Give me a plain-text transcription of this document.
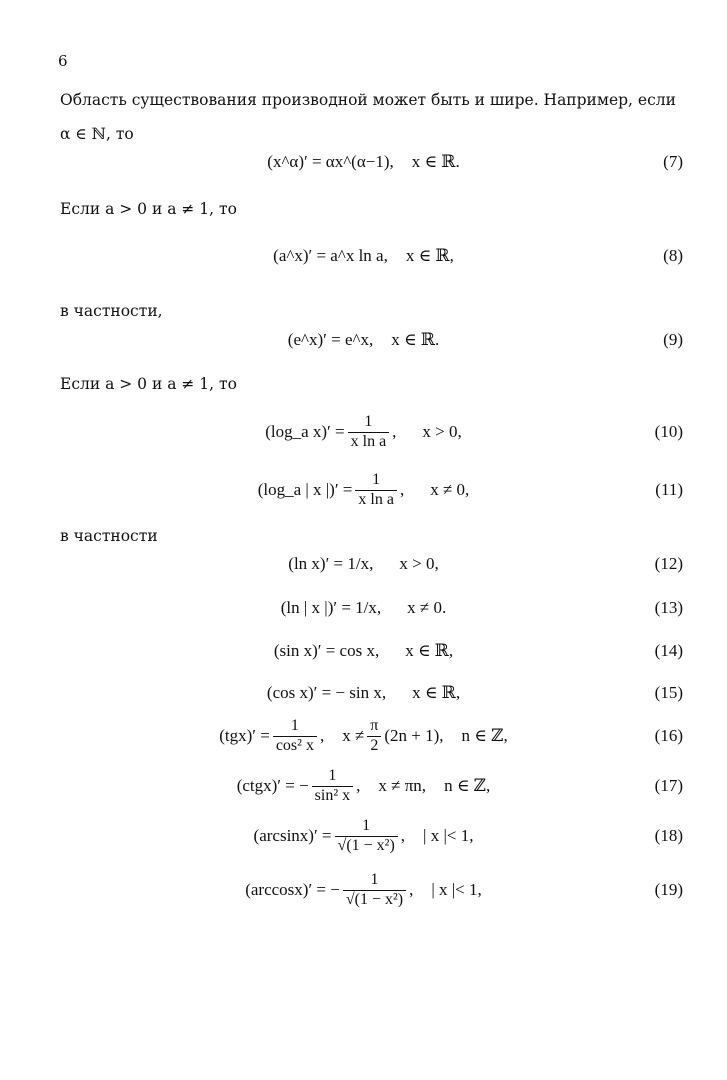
6
Область существования производной может быть и шире. Например, если
α ∈ ℕ, то
(x^α)′ = αx^(α−1) , x ∈ ℝ.	(7)
Если a > 0 и a ≠ 1, то
(a^x)′ = a^x ln a , x ∈ ℝ,	(8)
в частности,
(e^x)′ = e^x , x ∈ ℝ.	(9)
Если a > 0 и a ≠ 1, то
(log_a $x)' = \frac{1}{\text{x ln a}}$ , x > 0,	(10)
(log_a | x |)′ = $\frac{1}{\text{x ln a}}$ , x ≠ 0,	(11)
в частности
(ln x)′ = 1/x, x > 0,	(12)
(ln | x |)′ = 1/x, x ≠ 0.	(13)
(sin x)′ = cos x, x ∈ ℝ,	(14)
(cos x)′ = − sin x, x ∈ ℝ,	(15)
$(tgx)' = \frac{1}{\text{cos² x}}$ , $x \ne \frac{\pi}{2} (2n + 1)$, n ∈ ℤ,	(16)
(ctgx)′ = − $\frac{1}{\text{sin² x}}$ , x ≠ πn, n ∈ ℤ,	(17)
$(\arcsin x)' = \frac{1}{\text{√(1 − x²)}}$ , | x |< 1,	(18)
(arccosx)′ = − $\frac{1}{\text{√(1 − x²)}}$ , | x |< 1,	(19)
